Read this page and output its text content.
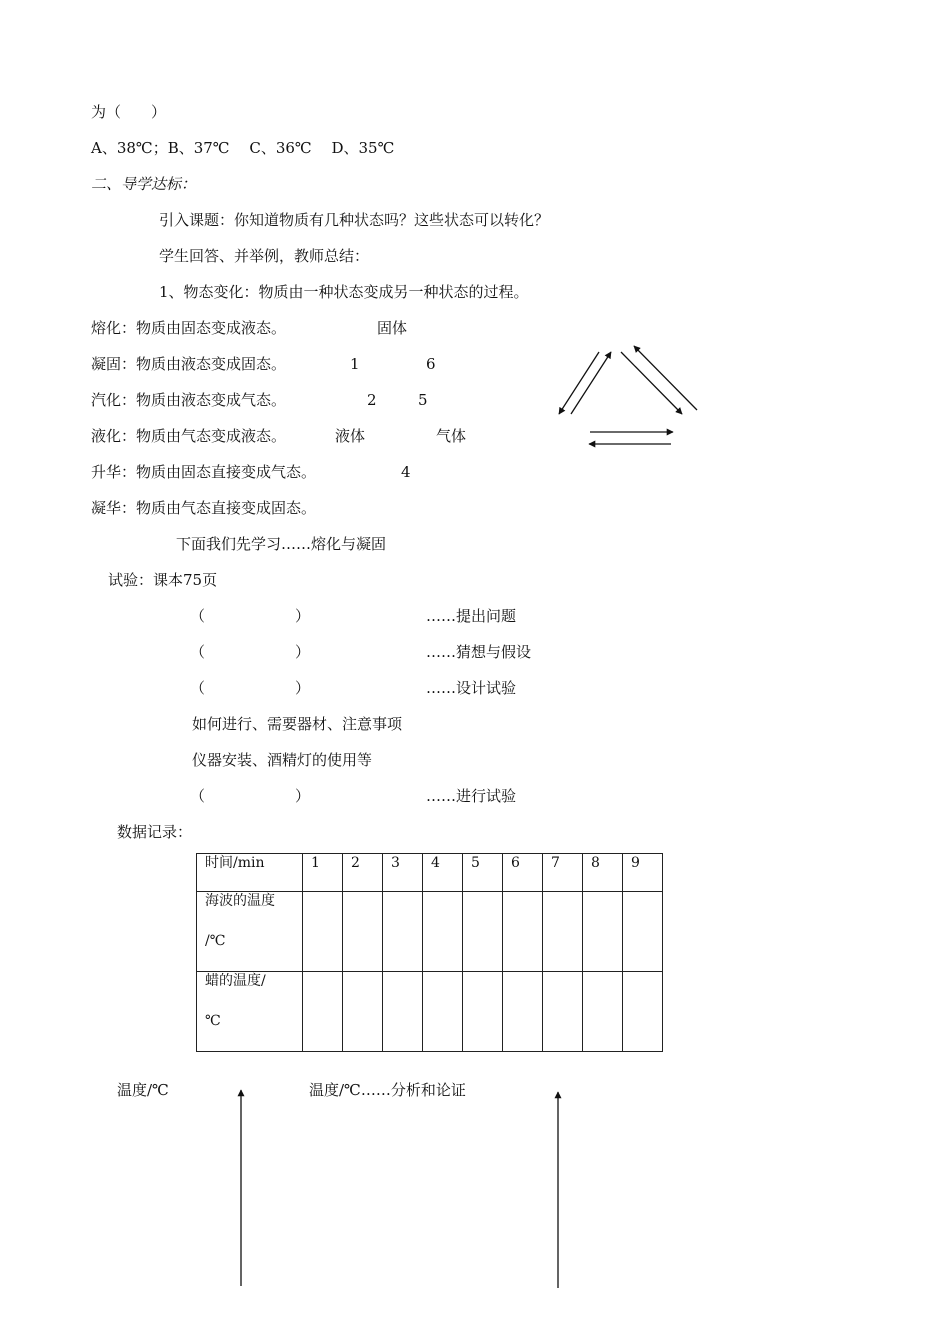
为（　　）
A、38℃；B、37℃　 C、36℃　 D、35℃
二、导学达标：
引入课题：你知道物质有几种状态吗？这些状态可以转化？
学生回答、并举例，教师总结：
1、物态变化：物质由一种状态变成另一种状态的过程。
熔化：物质由固态变成液态。
凝固：物质由液态变成固态。
汽化：物质由液态变成气态。
液化：物质由气态变成液态。
升华：物质由固态直接变成气态。
凝华：物质由气态直接变成固态。
固体
1	6
2	5
液体	气体
4
下面我们先学习……熔化与凝固
试验：课本75页
（　　　　　　）	……提出问题
（　　　　　　）	……猜想与假设
（　　　　　　）	……设计试验
如何进行、需要器材、注意事项
仪器安装、酒精灯的使用等
（　　　　　　）	……进行试验
数据记录：
时间/min	1	2	3	4	5	6	7	8	9

海波的温度
/℃									

蜡的温度/
℃									

温度/℃	温度/℃……分析和论证
